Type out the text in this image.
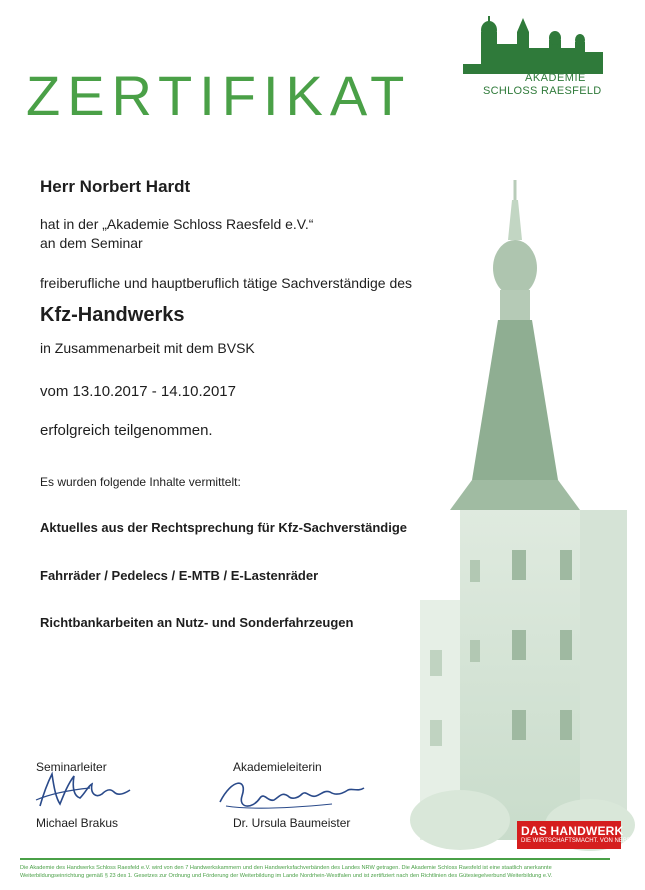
AKADEMIE
SCHLOSS RAESFELD
ZERTIFIKAT
Herr Norbert Hardt
hat in der „Akademie Schloss Raesfeld e.V.“
an dem Seminar
freiberufliche und hauptberuflich tätige Sachverständige des
Kfz-Handwerks
in Zusammenarbeit mit dem BVSK
vom 13.10.2017 - 14.10.2017
erfolgreich teilgenommen.
Es wurden folgende Inhalte vermittelt:
Aktuelles aus der Rechtsprechung für Kfz-Sachverständige
Fahrräder / Pedelecs / E-MTB / E-Lastenräder
Richtbankarbeiten an Nutz- und Sonderfahrzeugen
Seminarleiter
Michael Brakus
Akademieleiterin
Dr. Ursula Baumeister
DAS HANDWERK
DIE WIRTSCHAFTSMACHT. VON NEBENAN.
Die Akademie des Handwerks Schloss Raesfeld e.V. wird von den 7 Handwerkskammern und den Handwerksfachverbänden des Landes NRW getragen. Die Akademie Schloss Raesfeld ist eine staatlich anerkannte Weiterbildungseinrichtung gemäß § 23 des 1. Gesetzes zur Ordnung und Förderung der Weiterbildung im Lande Nordrhein-Westfalen und ist zertifiziert nach den Richtlinien des Gütesiegelverbund Weiterbildung e.V.
